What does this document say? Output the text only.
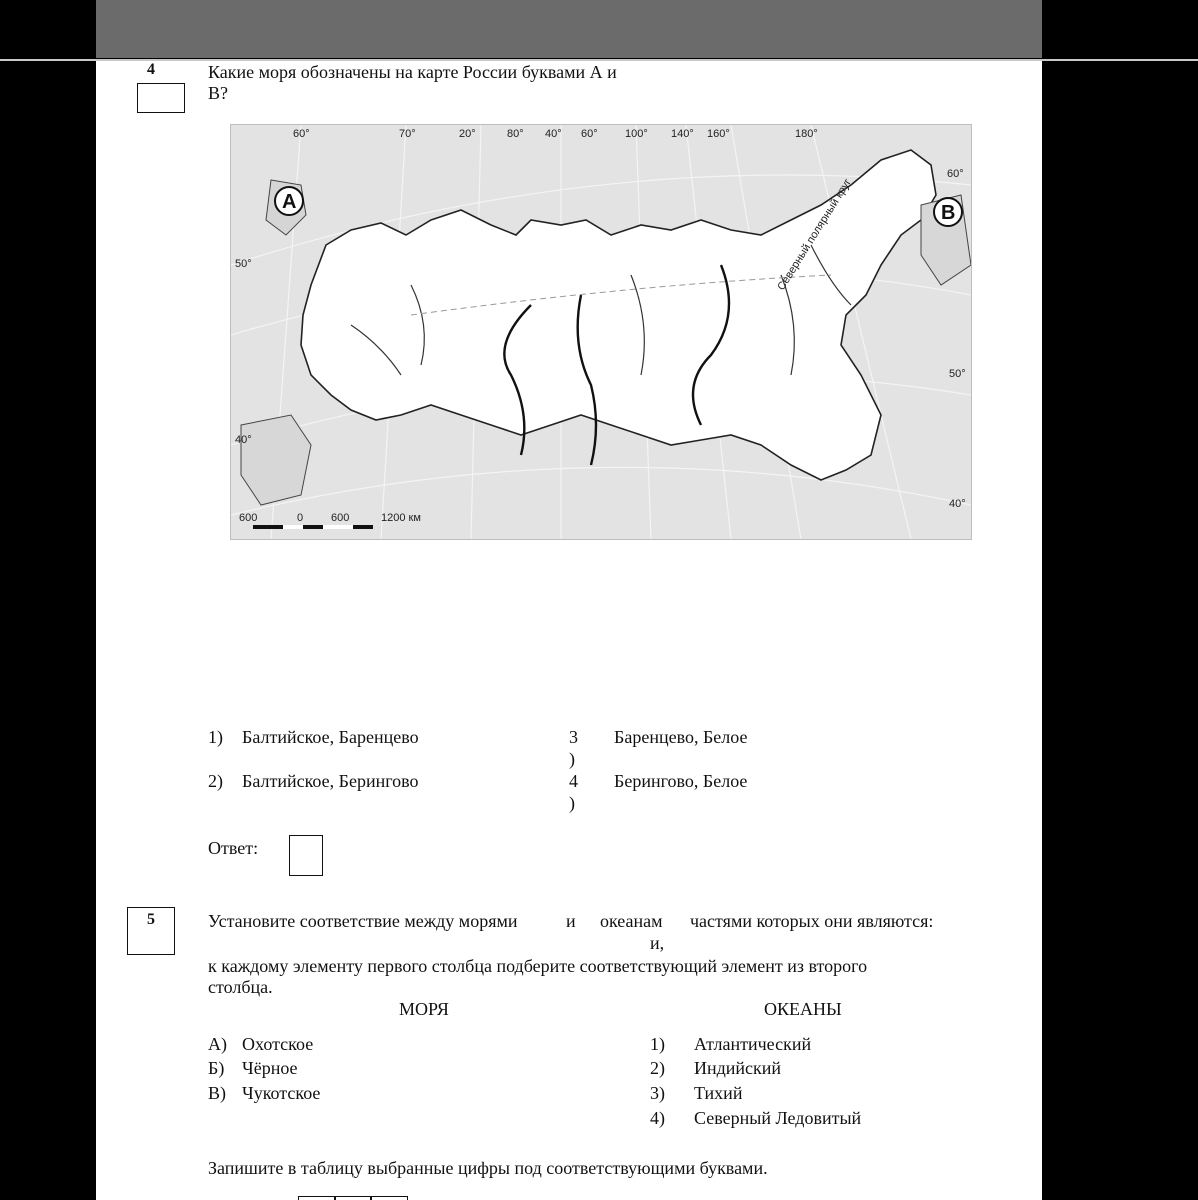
4	Какие моря обозначены на карте России буквами А и
В?
60°	70°	20°	80° 40° 60° 100° 140° 160°	180°
50°
40°
60°
50°
40°
A	B
Северный полярный круг
600	0	600	1200 км
1) Балтийское, Баренцево
2) Балтийское, Берингово
3
)
Баренцево, Белое
4
)
Берингово, Белое
Ответ:
5	Установите соответствие между морями	и океанам частями которых они являются:
и,
к каждому элементу первого столбца подберите соответствующий элемент из второго
столбца.
МОРЯ	ОКЕАНЫ
А) Охотское
Б) Чёрное
В) Чукотское
1) Атлантический
2) Индийский
3) Тихий
4) Северный Ледовитый
Запишите в таблицу выбранные цифры под соответствующими буквами.
